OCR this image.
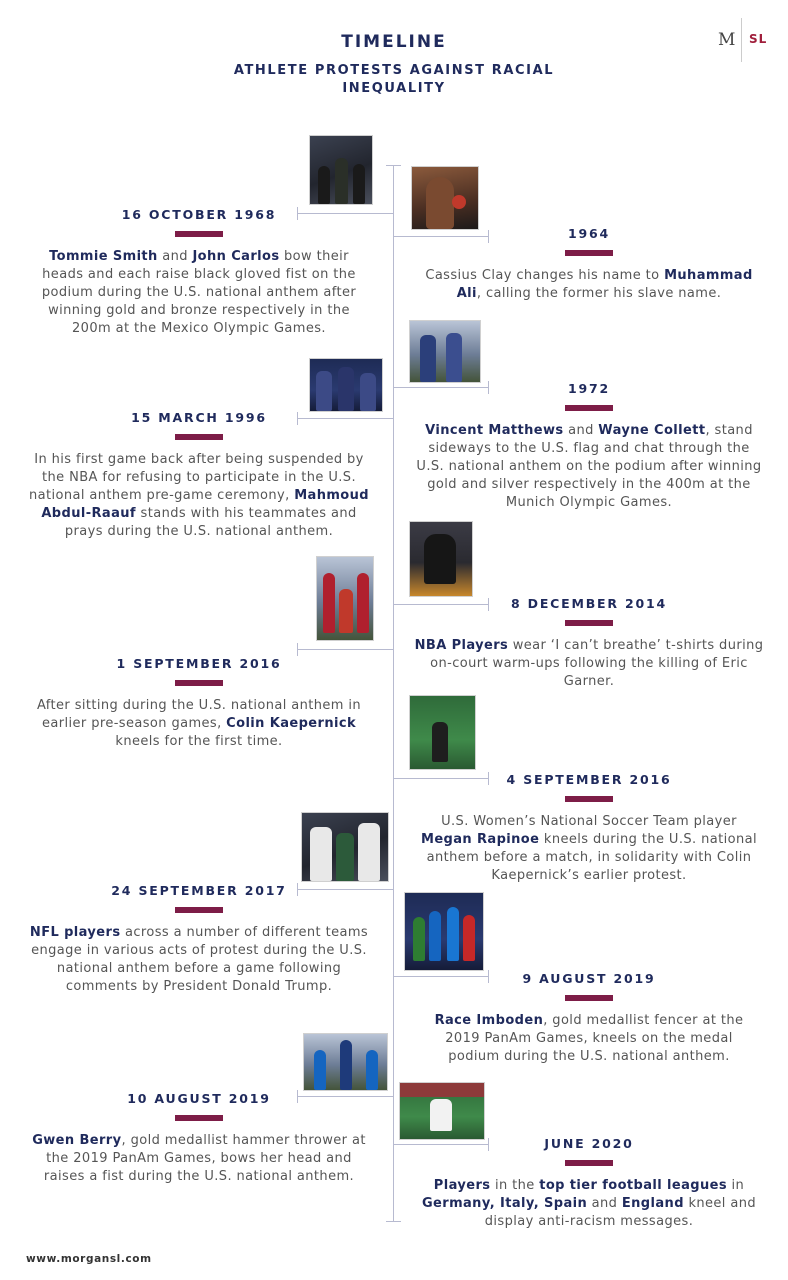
TIMELINE
ATHLETE PROTESTS AGAINST RACIAL INEQUALITY
M SL
16 OCTOBER 1968
Tommie Smith and John Carlos bow their heads and each raise black gloved fist on the podium during the U.S. national anthem after winning gold and bronze respectively in the 200m at the Mexico Olympic Games.
15 MARCH 1996
In his first game back after being suspended by the NBA for refusing to participate in the U.S. national anthem pre-game ceremony, Mahmoud Abdul-Raauf stands with his teammates and prays during the U.S. national anthem.
1 SEPTEMBER 2016
After sitting during the U.S. national anthem in earlier pre-season games, Colin Kaepernick kneels for the first time.
24 SEPTEMBER 2017
NFL players across a number of different teams engage in various acts of protest during the U.S. national anthem before a game following comments by President Donald Trump.
10 AUGUST 2019
Gwen Berry, gold medallist hammer thrower at the 2019 PanAm Games, bows her head and raises a fist during the U.S. national anthem.
1964
Cassius Clay changes his name to Muhammad Ali, calling the former his slave name.
1972
Vincent Matthews and Wayne Collett, stand sideways to the U.S. flag and chat through the U.S. national anthem on the podium after winning gold and silver respectively in the 400m at the Munich Olympic Games.
8 DECEMBER 2014
NBA Players wear ‘I can’t breathe’ t-shirts during on-court warm-ups following the killing of Eric Garner.
4 SEPTEMBER 2016
U.S. Women’s National Soccer Team player Megan Rapinoe kneels during the U.S. national anthem before a match, in solidarity with Colin Kaepernick’s earlier protest.
9 AUGUST 2019
Race Imboden, gold medallist fencer at the 2019 PanAm Games, kneels on the medal podium during the U.S. national anthem.
JUNE 2020
Players in the top tier football leagues in Germany, Italy, Spain and England kneel and display anti-racism messages.
www.morgansl.com
